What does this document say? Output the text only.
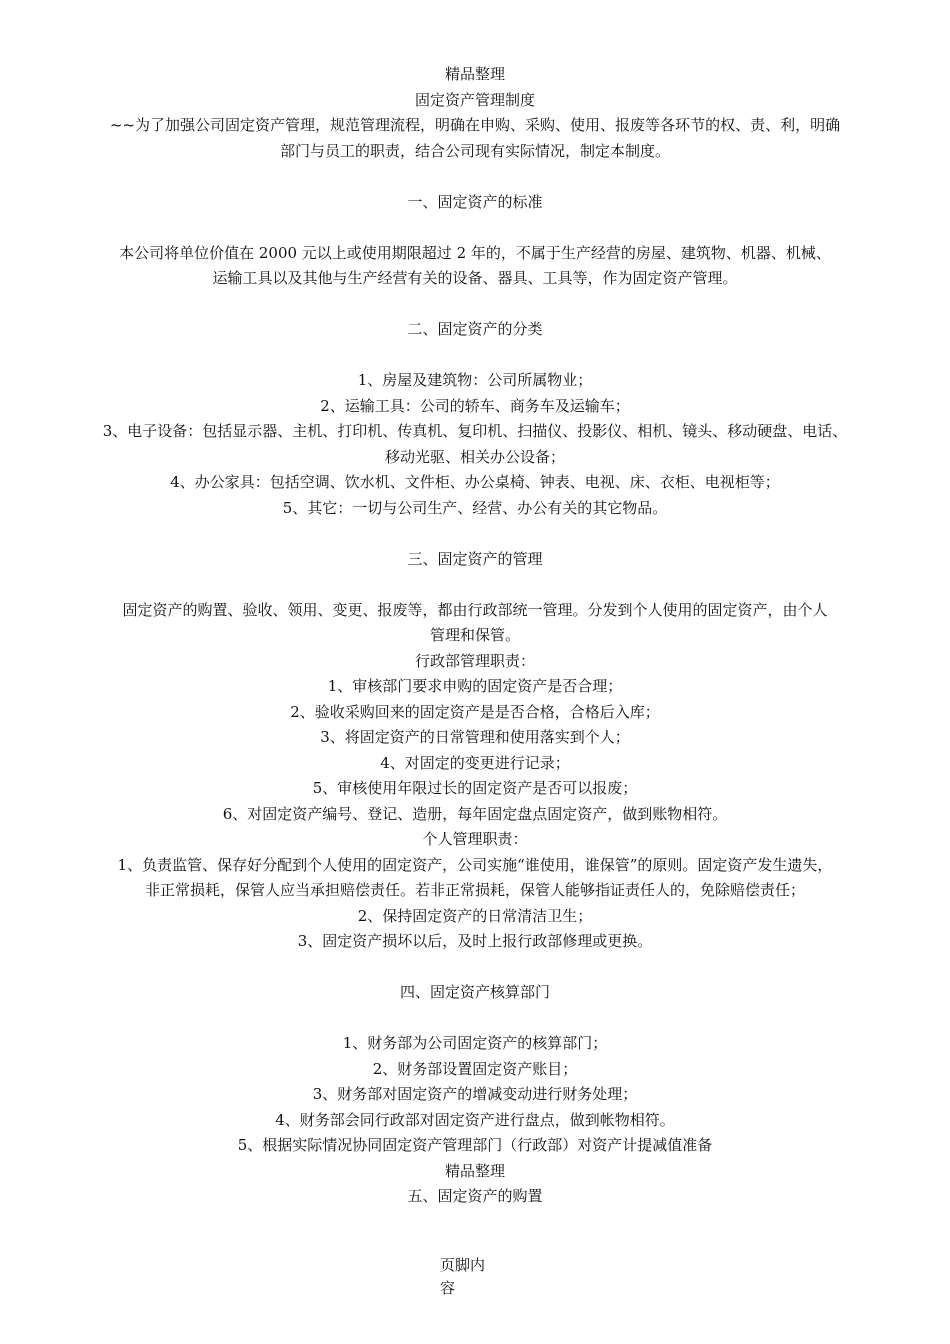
精品整理
固定资产管理制度
~~为了加强公司固定资产管理，规范管理流程，明确在申购、采购、使用、报废等各环节的权、责、利，明确
部门与员工的职责，结合公司现有实际情况，制定本制度。
一、固定资产的标准
本公司将单位价值在 2000 元以上或使用期限超过 2 年的，不属于生产经营的房屋、建筑物、机器、机械、
运输工具以及其他与生产经营有关的设备、器具、工具等，作为固定资产管理。
二、固定资产的分类
1、房屋及建筑物：公司所属物业；
2、运输工具：公司的轿车、商务车及运输车；
3、电子设备：包括显示器、主机、打印机、传真机、复印机、扫描仪、投影仪、相机、镜头、移动硬盘、电话、
移动光驱、相关办公设备；
4、办公家具：包括空调、饮水机、文件柜、办公桌椅、钟表、电视、床、衣柜、电视柜等；
5、其它：一切与公司生产、经营、办公有关的其它物品。
三、固定资产的管理
固定资产的购置、验收、领用、变更、报废等，都由行政部统一管理。分发到个人使用的固定资产，由个人
管理和保管。
行政部管理职责：
1、审核部门要求申购的固定资产是否合理；
2、验收采购回来的固定资产是是否合格，合格后入库；
3、将固定资产的日常管理和使用落实到个人；
4、对固定的变更进行记录；
5、审核使用年限过长的固定资产是否可以报废；
6、对固定资产编号、登记、造册，每年固定盘点固定资产，做到账物相符。
个人管理职责：
1、负责监管、保存好分配到个人使用的固定资产，公司实施“谁使用，谁保管”的原则。固定资产发生遗失，
非正常损耗，保管人应当承担赔偿责任。若非正常损耗，保管人能够指证责任人的，免除赔偿责任；
2、保持固定资产的日常清洁卫生；
3、固定资产损坏以后，及时上报行政部修理或更换。
四、固定资产核算部门
1、财务部为公司固定资产的核算部门；
2、财务部设置固定资产账目；
3、财务部对固定资产的增减变动进行财务处理；
4、财务部会同行政部对固定资产进行盘点，做到帐物相符。
5、根据实际情况协同固定资产管理部门（行政部）对资产计提减值准备
精品整理
五、固定资产的购置
页脚内
容
